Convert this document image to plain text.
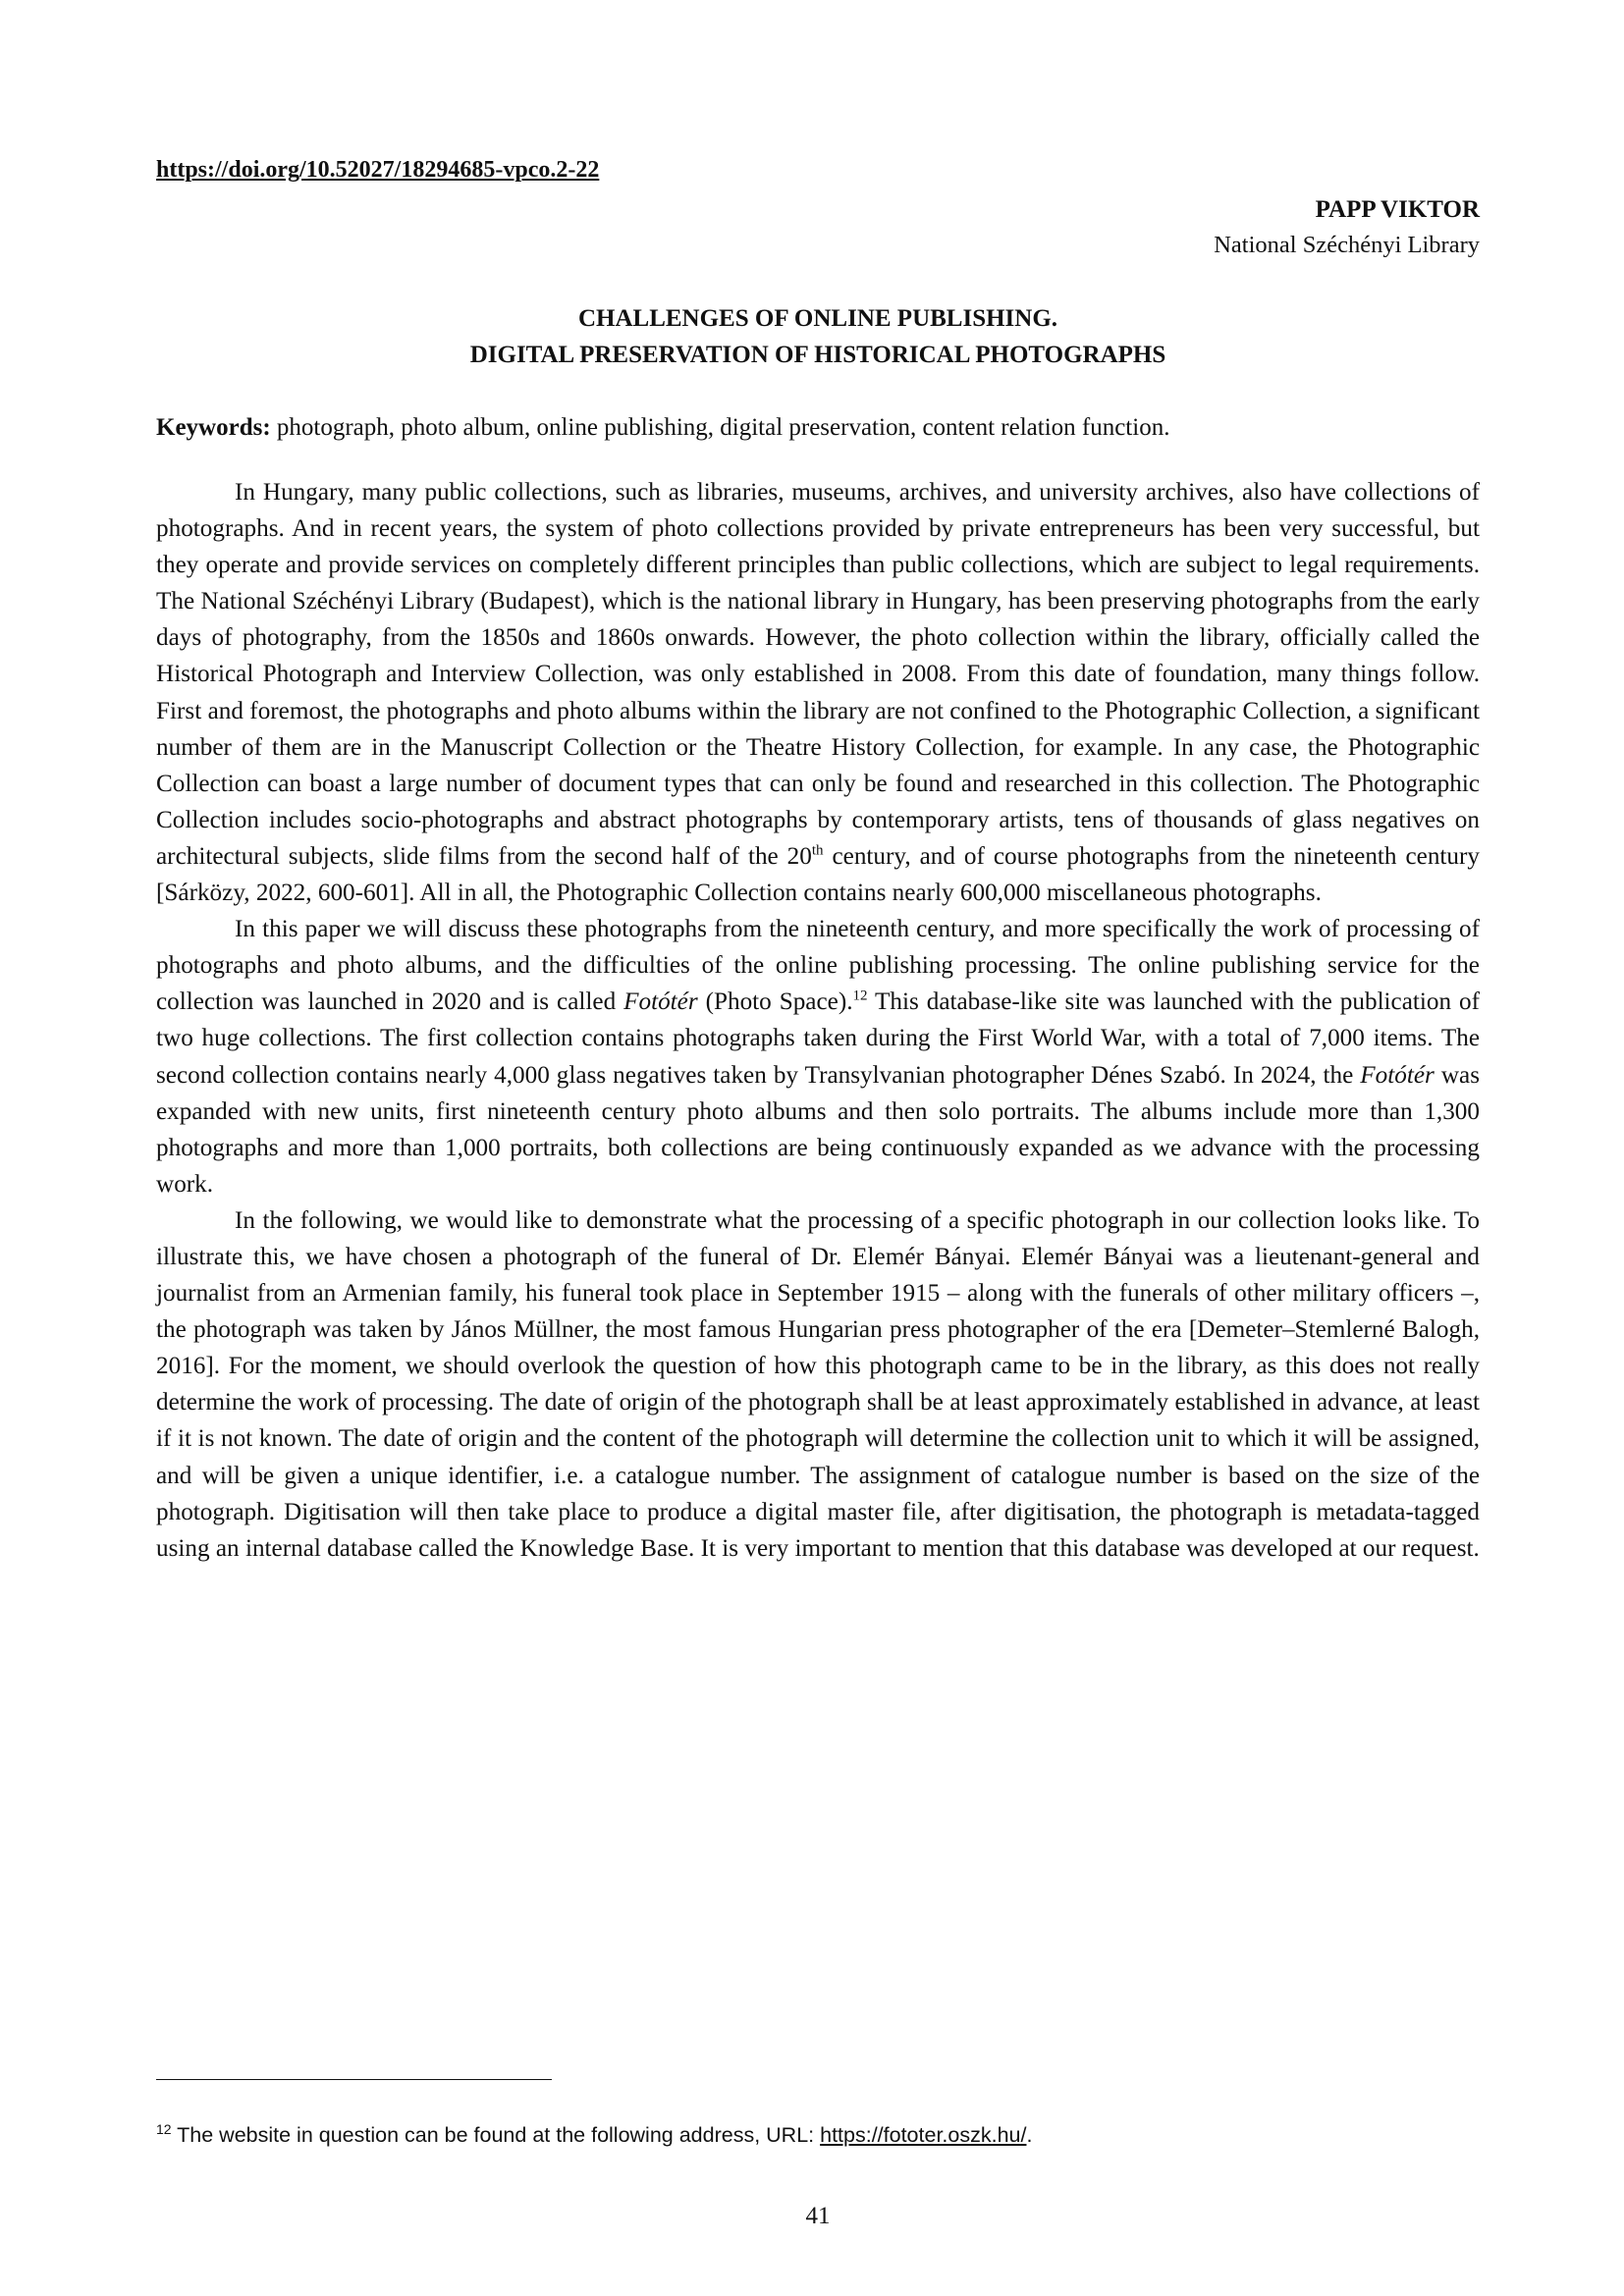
https://doi.org/10.52027/18294685-vpco.2-22
PAPP VIKTOR
National Széchényi Library
CHALLENGES OF ONLINE PUBLISHING.
DIGITAL PRESERVATION OF HISTORICAL PHOTOGRAPHS
Keywords: photograph, photo album, online publishing, digital preservation, content relation function.

In Hungary, many public collections, such as libraries, museums, archives, and university archives, also have collections of photographs. And in recent years, the system of photo collections provided by private entrepreneurs has been very successful, but they operate and provide services on completely different principles than public collections, which are subject to legal requirements. The National Széchényi Library (Budapest), which is the national library in Hungary, has been preserving photographs from the early days of photography, from the 1850s and 1860s onwards. However, the photo collection within the library, officially called the Historical Photograph and Interview Collection, was only established in 2008. From this date of foundation, many things follow. First and foremost, the photographs and photo albums within the library are not confined to the Photographic Collection, a significant number of them are in the Manuscript Collection or the Theatre History Collection, for example. In any case, the Photographic Collection can boast a large number of document types that can only be found and researched in this collection. The Photographic Collection includes socio-photographs and abstract photographs by contemporary artists, tens of thousands of glass negatives on architectural subjects, slide films from the second half of the 20th century, and of course photographs from the nineteenth century [Sárközy, 2022, 600-601]. All in all, the Photographic Collection contains nearly 600,000 miscellaneous photographs.

In this paper we will discuss these photographs from the nineteenth century, and more specifically the work of processing of photographs and photo albums, and the difficulties of the online publishing processing. The online publishing service for the collection was launched in 2020 and is called Fotótér (Photo Space).$^{12}$ This database-like site was launched with the publication of two huge collections. The first collection contains photographs taken during the First World War, with a total of 7,000 items. The second collection contains nearly 4,000 glass negatives taken by Transylvanian photographer Dénes Szabó. In 2024, the Fotótér was expanded with new units, first nineteenth century photo albums and then solo portraits. The albums include more than 1,300 photographs and more than 1,000 portraits, both collections are being continuously expanded as we advance with the processing work.

In the following, we would like to demonstrate what the processing of a specific photograph in our collection looks like. To illustrate this, we have chosen a photograph of the funeral of Dr. Elemér Bányai. Elemér Bányai was a lieutenant-general and journalist from an Armenian family, his funeral took place in September 1915 – along with the funerals of other military officers –, the photograph was taken by János Müllner, the most famous Hungarian press photographer of the era [Demeter–Stemlerné Balogh, 2016]. For the moment, we should overlook the question of how this photograph came to be in the library, as this does not really determine the work of processing. The date of origin of the photograph shall be at least approximately established in advance, at least if it is not known. The date of origin and the content of the photograph will determine the collection unit to which it will be assigned, and will be given a unique identifier, i.e. a catalogue number. The assignment of catalogue number is based on the size of the photograph. Digitisation will then take place to produce a digital master file, after digitisation, the photograph is metadata-tagged using an internal database called the Knowledge Base. It is very important to mention that this database was developed at our request.

$^{12}$ The website in question can be found at the following address, URL: https://fototer.oszk.hu/.
41
